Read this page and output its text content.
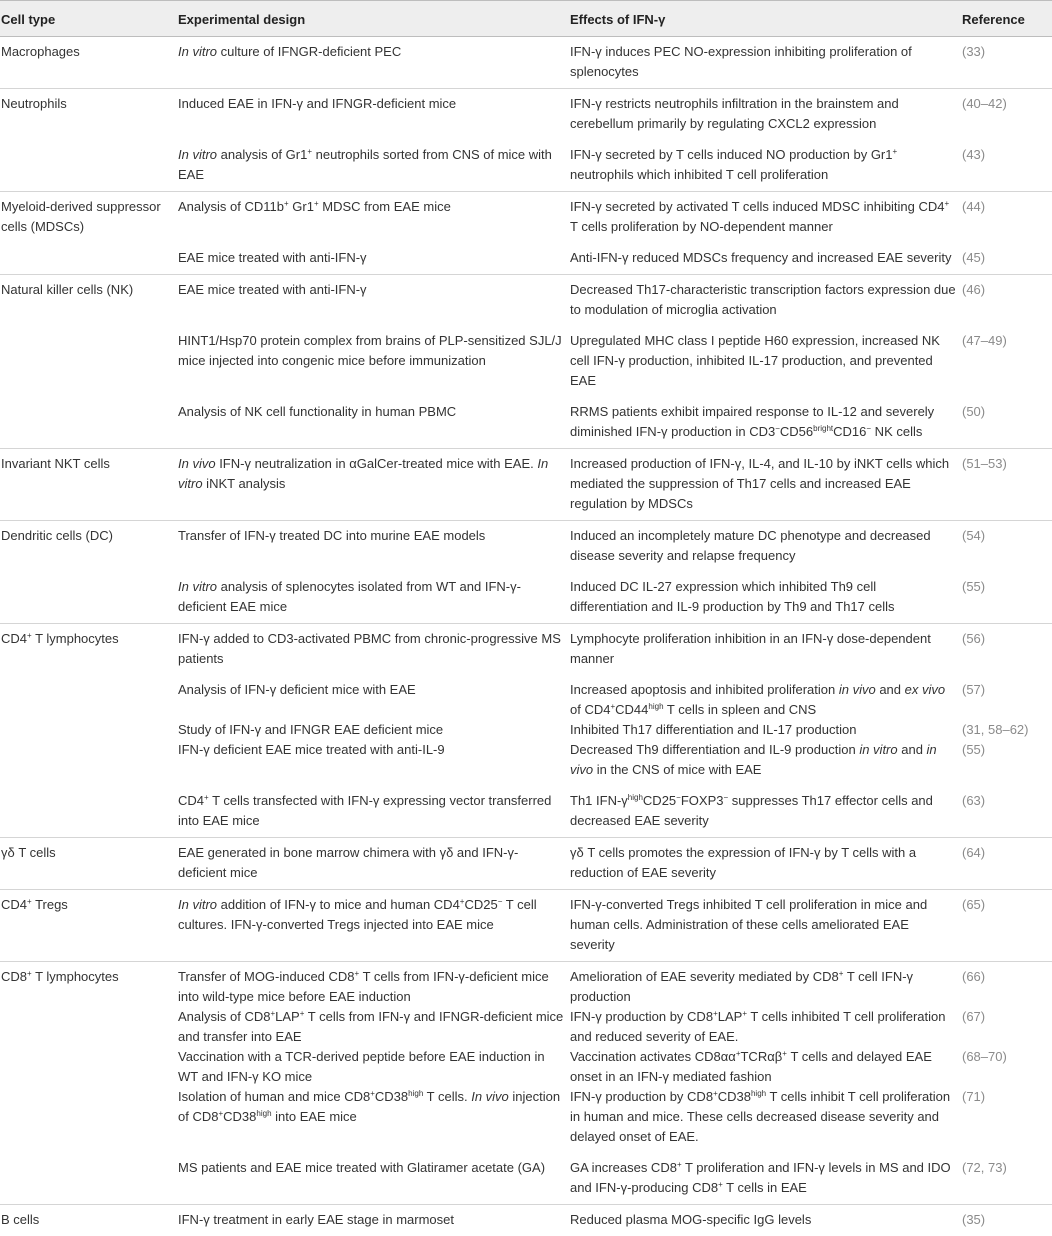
Cell type	Experimental design	Effects of IFN-γ	Reference
Macrophages	In vitro culture of IFNGR-deficient PEC	IFN-γ induces PEC NO-expression inhibiting proliferation of splenocytes	(33)
Neutrophils	Induced EAE in IFN-γ and IFNGR-deficient mice	IFN-γ restricts neutrophils infiltration in the brainstem and cerebellum primarily by regulating CXCL2 expression	(40–42)
	In vitro analysis of Gr1+ neutrophils sorted from CNS of mice with EAE	IFN-γ secreted by T cells induced NO production by Gr1+ neutrophils which inhibited T cell proliferation	(43)
Myeloid-derived suppressor cells (MDSCs)	Analysis of CD11b+ Gr1+ MDSC from EAE mice	IFN-γ secreted by activated T cells induced MDSC inhibiting CD4+ T cells proliferation by NO-dependent manner	(44)
	EAE mice treated with anti-IFN-γ	Anti-IFN-γ reduced MDSCs frequency and increased EAE severity	(45)
Natural killer cells (NK)	EAE mice treated with anti-IFN-γ	Decreased Th17-characteristic transcription factors expression due to modulation of microglia activation	(46)
	HINT1/Hsp70 protein complex from brains of PLP-sensitized SJL/J mice injected into congenic mice before immunization	Upregulated MHC class I peptide H60 expression, increased NK cell IFN-γ production, inhibited IL-17 production, and prevented EAE	(47–49)
	Analysis of NK cell functionality in human PBMC	RRMS patients exhibit impaired response to IL-12 and severely diminished IFN-γ production in $CD3^-CD56^{bright}CD16^-$ NK cells	(50)
Invariant NKT cells	In vivo IFN-γ neutralization in αGalCer-treated mice with EAE. In vitro iNKT analysis	Increased production of IFN-γ, IL-4, and IL-10 by iNKT cells which mediated the suppression of Th17 cells and increased EAE regulation by MDSCs	(51–53)
Dendritic cells (DC)	Transfer of IFN-γ treated DC into murine EAE models	Induced an incompletely mature DC phenotype and decreased disease severity and relapse frequency	(54)
	In vitro analysis of splenocytes isolated from WT and IFN-γ-deficient EAE mice	Induced DC IL-27 expression which inhibited Th9 cell differentiation and IL-9 production by Th9 and Th17 cells	(55)
CD4+ T lymphocytes	IFN-γ added to CD3-activated PBMC from chronic-progressive MS patients	Lymphocyte proliferation inhibition in an IFN-γ dose-dependent manner	(56)
	Analysis of IFN-γ deficient mice with EAE	Increased apoptosis and inhibited proliferation in vivo and ex vivo of $CD4^+CD44^{high}$ T cells in spleen and CNS	(57)
	Study of IFN-γ and IFNGR EAE deficient mice	Inhibited Th17 differentiation and IL-17 production	(31, 58–62)
	IFN-γ deficient EAE mice treated with anti-IL-9	Decreased Th9 differentiation and IL-9 production in vitro and in vivo in the CNS of mice with EAE	(55)
	CD4+ T cells transfected with IFN-γ expressing vector transferred into EAE mice	Th1 IFN-$\gamma^{high}CD25^-FOXP3^-$ suppresses Th17 effector cells and decreased EAE severity	(63)
γδ T cells	EAE generated in bone marrow chimera with γδ and IFN-γ-deficient mice	γδ T cells promotes the expression of IFN-γ by T cells with a reduction of EAE severity	(64)
CD4+ Tregs	In vitro addition of IFN-γ to mice and human CD4+CD25− T cell cultures. IFN-γ-converted Tregs injected into EAE mice	IFN-γ-converted Tregs inhibited T cell proliferation in mice and human cells. Administration of these cells ameliorated EAE severity	(65)
CD8+ T lymphocytes	Transfer of MOG-induced CD8+ T cells from IFN-γ-deficient mice into wild-type mice before EAE induction	Amelioration of EAE severity mediated by CD8+ T cell IFN-γ production	(66)
	Analysis of CD8+LAP+ T cells from IFN-γ and IFNGR-deficient mice and transfer into EAE	IFN-γ production by CD8+LAP+ T cells inhibited T cell proliferation and reduced severity of EAE.	(67)
	Vaccination with a TCR-derived peptide before EAE induction in WT and IFN-γ KO mice	Vaccination activates CD8αα+TCRαβ+ T cells and delayed EAE onset in an IFN-γ mediated fashion	(68–70)
	Isolation of human and mice $CD8^+CD38^{high}$ T cells. In vivo injection of $CD8^+CD38^{high}$ into EAE mice	IFN-γ production by $CD8^+CD38^{high}$ T cells inhibit T cell proliferation in human and mice. These cells decreased disease severity and delayed onset of EAE.	(71)
	MS patients and EAE mice treated with Glatiramer acetate (GA)	GA increases CD8+ T proliferation and IFN-γ levels in MS and IDO and IFN-γ-producing CD8+ T cells in EAE	(72, 73)
B cells	IFN-γ treatment in early EAE stage in marmoset	Reduced plasma MOG-specific IgG levels	(35)
